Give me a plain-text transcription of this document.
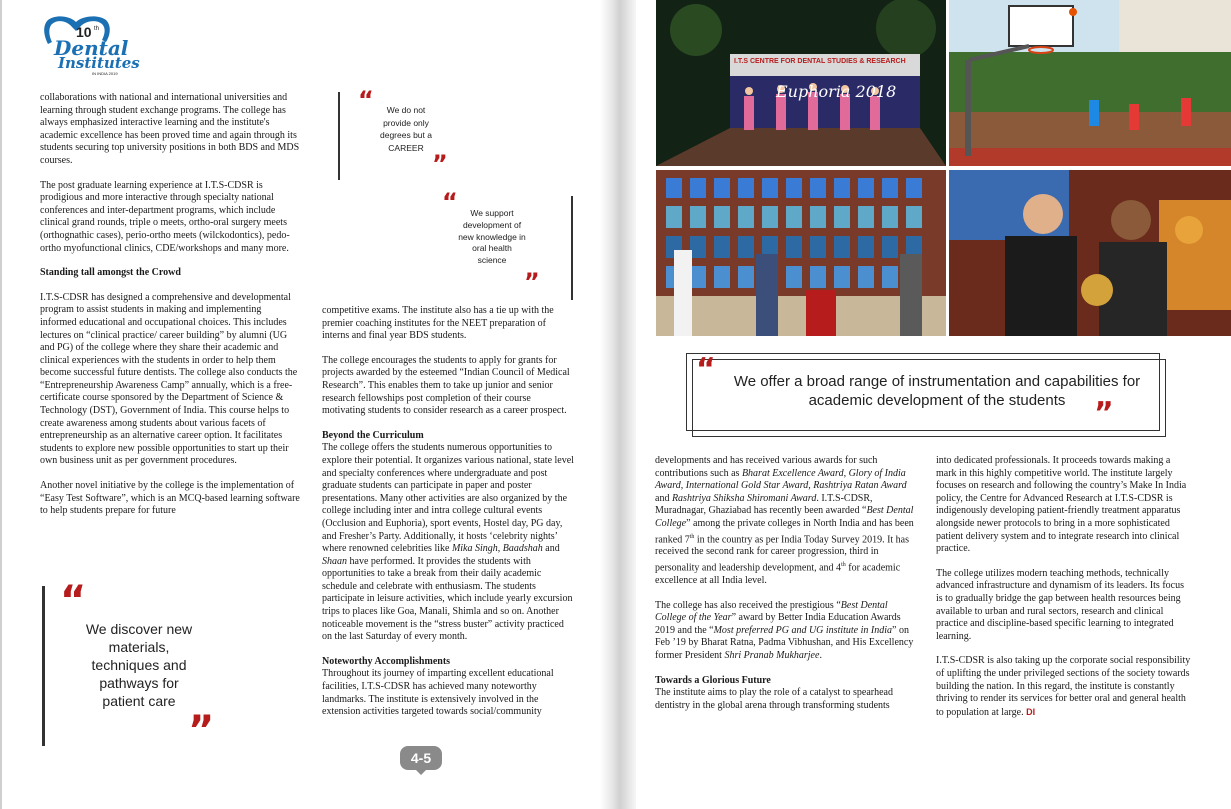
10 th
Dental
Institutes
IN INDIA 2019

collaborations with national and international universities and learning through student exchange programs. The college has always emphasized interactive learning and the institute's academic excellence has been proved time and again through its students securing top university positions in both BDS and MDS courses.

The post graduate learning experience at I.T.S-CDSR is prodigious and more interactive through specialty national conferences and inter-department programs, which include clinical grand rounds, triple o meets, ortho-oral surgery meets (orthognathic cases), perio-ortho meets (wilckodontics), pedo-ortho myofunctional clinics, CDE/workshops and many more.

Standing tall amongst the Crowd

I.T.S-CDSR has designed a comprehensive and developmental program to assist students in making and implementing informed educational and occupational choices. This includes lectures on “clinical practice/ career building” by alumni (UG and PG) of the college where they share their academic and clinical experiences with the students in order to help them become successful future dentists. The college also conducts the “Entrepreneurship Awareness Camp” annually, which is a free-certificate course sponsored by the Department of Science & Technology (DST), Government of India. This course helps to create awareness among students about various facets of entrepreneurship as an alternative career option. It facilitates students to explore new possible opportunities to start up their own business unit as per government procedures.

Another novel initiative by the college is the implementation of “Easy Test Software”, which is an MCQ-based learning software to help students prepare for future

“
We discover new materials, techniques and pathways for patient care
”
“	We do not provide only degrees but a CAREER
”
“	We support development of new knowledge in oral health science
”

competitive exams. The institute also has a tie up with the premier coaching institutes for the NEET preparation of interns and final year BDS students.

The college encourages the students to apply for grants for projects awarded by the esteemed “Indian Council of Medical Research”. This enables them to take up junior and senior research fellowships post completion of their course motivating students to consider research as a career prospect.

Beyond the Curriculum

The college offers the students numerous opportunities to explore their potential. It organizes various national, state level and specialty conferences where undergraduate and post graduate students can participate in paper and poster presentations. Many other activities are also organized by the college including inter and intra college cultural events (Occlusion and Euphoria), sport events, Hostel day, PG day, and Fresher’s Party. Additionally, it hosts ‘celebrity nights’ where renowned celebrities like Mika Singh, Baadshah and Shaan have performed. It provides the students with opportunities to take a break from their daily academic schedule and celebrate with enthusiasm. The students participate in leisure activities, which include yearly excursion trips to places like Goa, Manali, Shimla and so on. Another noticeable movement is the “stress buster” activity practiced on the last Saturday of every month.

Noteworthy Accomplishments

Throughout its journey of imparting excellent educational facilities, I.T.S-CDSR has achieved many noteworthy landmarks. The institute is extensively involved in the extension activities targeted towards social/community

4-5
I.T.S CENTRE FOR DENTAL STUDIES & RESEARCH
Euphoria 2018
“	We offer a broad range of instrumentation and capabilities for academic development of the students ”

developments and has received various awards for such contributions such as Bharat Excellence Award, Glory of India Award, International Gold Star Award, Rashtriya Ratan Award and Rashtriya Shiksha Shiromani Award. I.T.S-CDSR, Muradnagar, Ghaziabad has recently been awarded “Best Dental College” among the private colleges in North India and has been ranked 7th in the country as per India Today Survey 2019. It has received the second rank for career progression, third in personality and leadership development, and 4th for academic excellence at all India level.

The college has also received the prestigious “Best Dental College of the Year” award by Better India Education Awards 2019 and the “Most preferred PG and UG institute in India” on Feb ’19 by Bharat Ratna, Padma Vibhushan, and His Excellency former President Shri Pranab Mukharjee.

Towards a Glorious Future

The institute aims to play the role of a catalyst to spearhead dentistry in the global arena through transforming students

into dedicated professionals. It proceeds towards making a mark in this highly competitive world. The institute largely focuses on research and following the country’s Make In India policy, the Centre for Advanced Research at I.T.S-CDSR is indigenously developing patient-friendly treatment apparatus alongside newer protocols to bring in a more sophisticated patient delivery system and to integrate research into clinical practice.

The college utilizes modern teaching methods, technically advanced infrastructure and dynamism of its leaders. Its focus is to gradually bridge the gap between health resources being available to urban and rural sectors, research and clinical practice and discipline-based specific learning to integrated learning.

I.T.S-CDSR is also taking up the corporate social responsibility of uplifting the under privileged sections of the society towards building the nation. In this regard, the institute is constantly thriving to render its services for better oral and general health to population at large. DI
